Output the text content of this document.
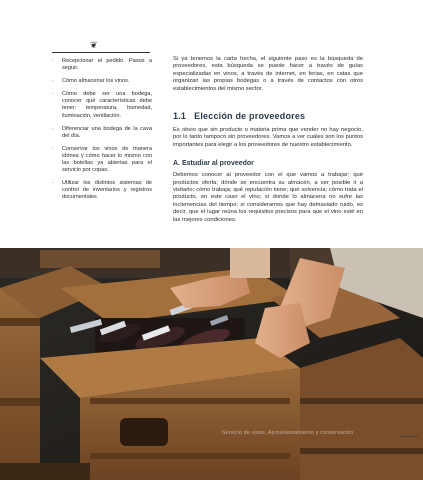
❦
· Recepcionar el pedido. Pasos a seguir.
· Cómo almacenar los vinos.
· Cómo debe ser una bodega, conocer qué características debe tener: temperatura, humedad, iluminación, ventilación.
· Diferenciar una bodega de la cava del día.
· Conservar los vinos de manera idónea y cómo hacer lo mismo con las botellas ya abiertas para el servicio por copas.
· Utilizar los distintos sistemas de control de inventarios y registros documentales

Si ya tenemos la carta hecha, el siguiente paso es la búsqueda de proveedores, esta búsqueda se puede hacer a través de guías especializadas en vinos, a través de internet, en ferias, en catas que organizan las propias bodegas o a través de contactos con otros establecimientos del mismo sector.

1.1 Elección de proveedores

Es obvio que sin producto o materia prima que vender no hay negocio, por lo tanto tampoco sin proveedores. Vamos a ver cuáles son los puntos importantes para elegir a los proveedores de nuestro establecimiento.

A. Estudiar al proveedor

Debemos conocer al proveedor con el que vamos a trabajar; qué productos oferta; dónde se encuentra su almacén, a ser posible ir a visitarlo; cómo trabaja; qué reputación tiene; qué solvencia; cómo trata el producto, en este caso el vino; si donde lo almacena no sufre las inclemencias del tiempo; si consideramos que hay demasiado ruido, es decir, que el lugar reúna los requisitos precisos para que el vino esté en las mejores condiciones.

Servicio de vinos. Aprovisionamiento y conservación
